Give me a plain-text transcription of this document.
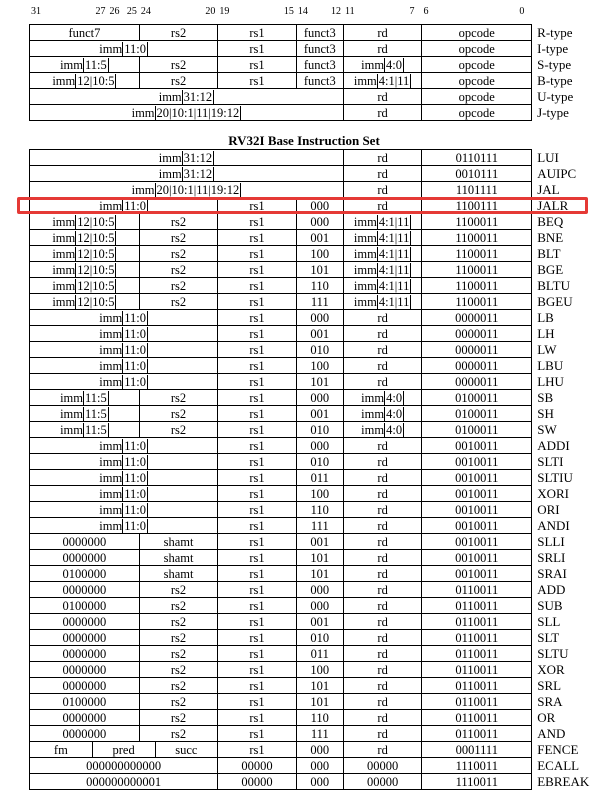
31	27 26 25 24	20 19	15 14 12 11	7 6	0
funct7	rs2	rs1	funct3	rd	opcode	R-type
imm 11:0		rs1	funct3	rd	opcode	I-type
imm 11:5	rs2	rs1	funct3	imm 4:0	opcode	S-type
imm 12|10:5	rs2	rs1	funct3	imm 4:1|11	opcode	B-type
imm 31:12				rd	opcode	U-type
imm 20|10:1|11|19:12				rd	opcode	J-type
RV32I Base Instruction Set
imm 31:12						rd	0110111	LUI
imm 31:12						rd	0010111	AUIPC
imm 20|10:1|11|19:12						rd	1101111	JAL
imm 11:0				rs1	000	rd	1100111	JALR
imm 12|10:5		rs2		rs1	000	imm 4:1|11	1100011	BEQ
imm 12|10:5		rs2		rs1	001	imm 4:1|11	1100011	BNE
imm 12|10:5		rs2		rs1	100	imm 4:1|11	1100011	BLT
imm 12|10:5		rs2		rs1	101	imm 4:1|11	1100011	BGE
imm 12|10:5		rs2		rs1	110	imm 4:1|11	1100011	BLTU
imm 12|10:5		rs2		rs1	111	imm 4:1|11	1100011	BGEU
imm 11:0				rs1	000	rd	0000011	LB
imm 11:0				rs1	001	rd	0000011	LH
imm 11:0				rs1	010	rd	0000011	LW
imm 11:0				rs1	100	rd	0000011	LBU
imm 11:0				rs1	101	rd	0000011	LHU
imm 11:5		rs2		rs1	000	imm 4:0	0100011	SB
imm 11:5		rs2		rs1	001	imm 4:0	0100011	SH
imm 11:5		rs2		rs1	010	imm 4:0	0100011	SW
imm 11:0				rs1	000	rd	0010011	ADDI
imm 11:0				rs1	010	rd	0010011	SLTI
imm 11:0				rs1	011	rd	0010011	SLTIU
imm 11:0				rs1	100	rd	0010011	XORI
imm 11:0				rs1	110	rd	0010011	ORI
imm 11:0				rs1	111	rd	0010011	ANDI
0000000		shamt		rs1	001	rd	0010011	SLLI
0000000		shamt		rs1	101	rd	0010011	SRLI
0100000		shamt		rs1	101	rd	0010011	SRAI
0000000		rs2		rs1	000	rd	0110011	ADD
0100000		rs2		rs1	000	rd	0110011	SUB
0000000		rs2		rs1	001	rd	0110011	SLL
0000000		rs2		rs1	010	rd	0110011	SLT
0000000		rs2		rs1	011	rd	0110011	SLTU
0000000		rs2		rs1	100	rd	0110011	XOR
0000000		rs2		rs1	101	rd	0110011	SRL
0100000		rs2		rs1	101	rd	0110011	SRA
0000000		rs2		rs1	110	rd	0110011	OR
0000000		rs2		rs1	111	rd	0110011	AND
fm	pred		succ	rs1	000	rd	0001111	FENCE
000000000000				00000	000	00000	1110011	ECALL
000000000001				00000	000	00000	1110011	EBREAK
